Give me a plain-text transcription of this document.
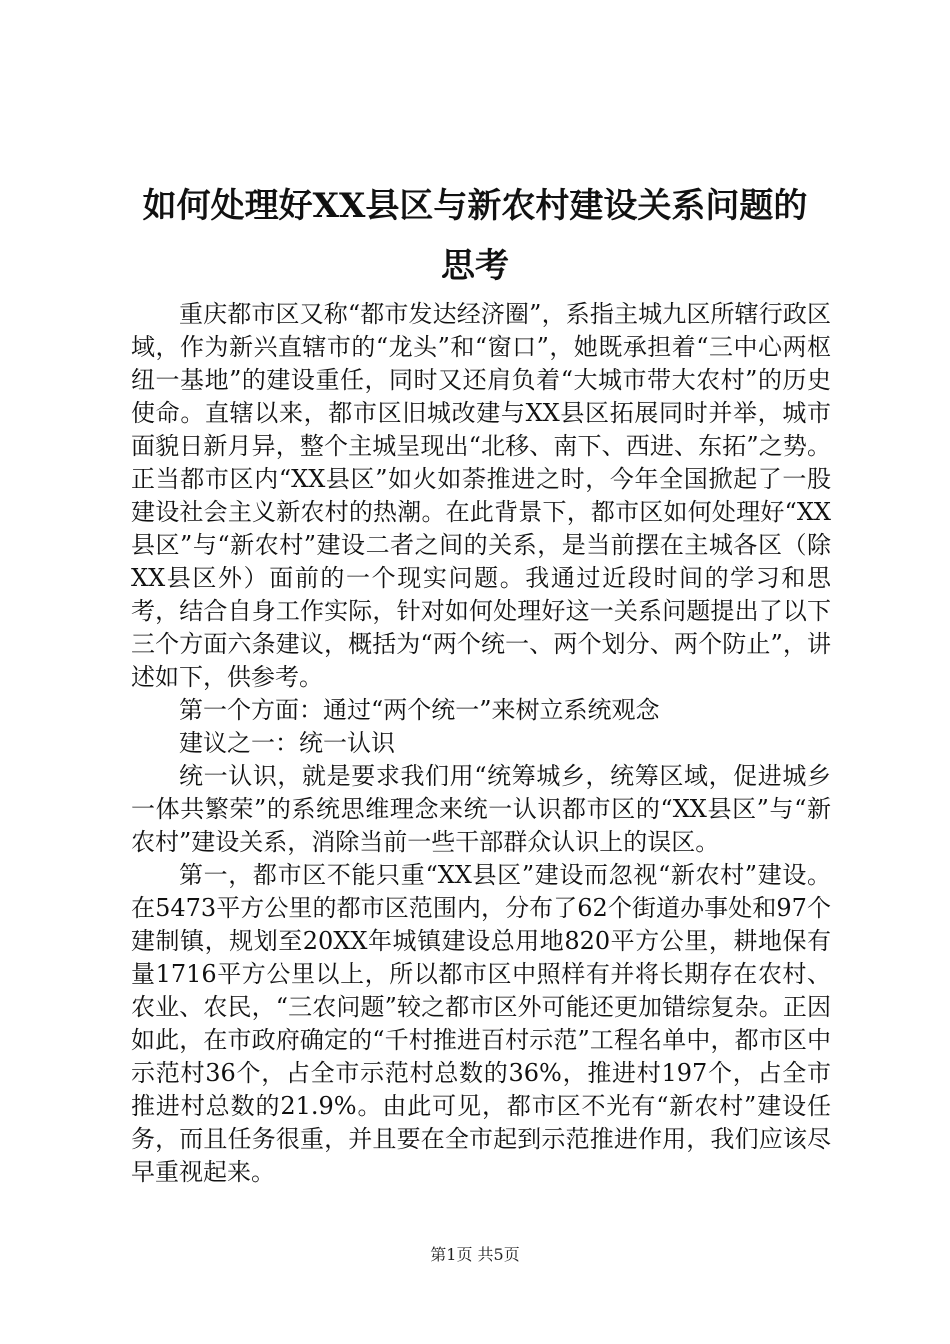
如何处理好XX县区与新农村建设关系问题的
思考

重庆都市区又称“都市发达经济圈”，系指主城九区所辖行政区域，作为新兴直辖市的“龙头”和“窗口”，她既承担着“三中心两枢纽一基地”的建设重任，同时又还肩负着“大城市带大农村”的历史使命。直辖以来，都市区旧城改建与XX县区拓展同时并举，城市面貌日新月异，整个主城呈现出“北移、南下、西进、东拓”之势。正当都市区内“XX县区”如火如荼推进之时，今年全国掀起了一股建设社会主义新农村的热潮。在此背景下，都市区如何处理好“XX县区”与“新农村”建设二者之间的关系，是当前摆在主城各区（除XX县区外）面前的一个现实问题。我通过近段时间的学习和思考，结合自身工作实际，针对如何处理好这一关系问题提出了以下三个方面六条建议，概括为“两个统一、两个划分、两个防止”，讲述如下，供参考。

第一个方面：通过“两个统一”来树立系统观念

建议之一：统一认识

统一认识，就是要求我们用“统筹城乡，统筹区域，促进城乡一体共繁荣”的系统思维理念来统一认识都市区的“XX县区”与“新农村”建设关系，消除当前一些干部群众认识上的误区。

第一，都市区不能只重“XX县区”建设而忽视“新农村”建设。在5473平方公里的都市区范围内，分布了62个街道办事处和97个建制镇，规划至20XX年城镇建设总用地820平方公里，耕地保有量1716平方公里以上，所以都市区中照样有并将长期存在农村、农业、农民，“三农问题”较之都市区外可能还更加错综复杂。正因如此，在市政府确定的“千村推进百村示范”工程名单中，都市区中示范村36个，占全市示范村总数的36%，推进村197个，占全市推进村总数的21.9%。由此可见，都市区不光有“新农村”建设任务，而且任务很重，并且要在全市起到示范推进作用，我们应该尽早重视起来。

第1页 共5页
